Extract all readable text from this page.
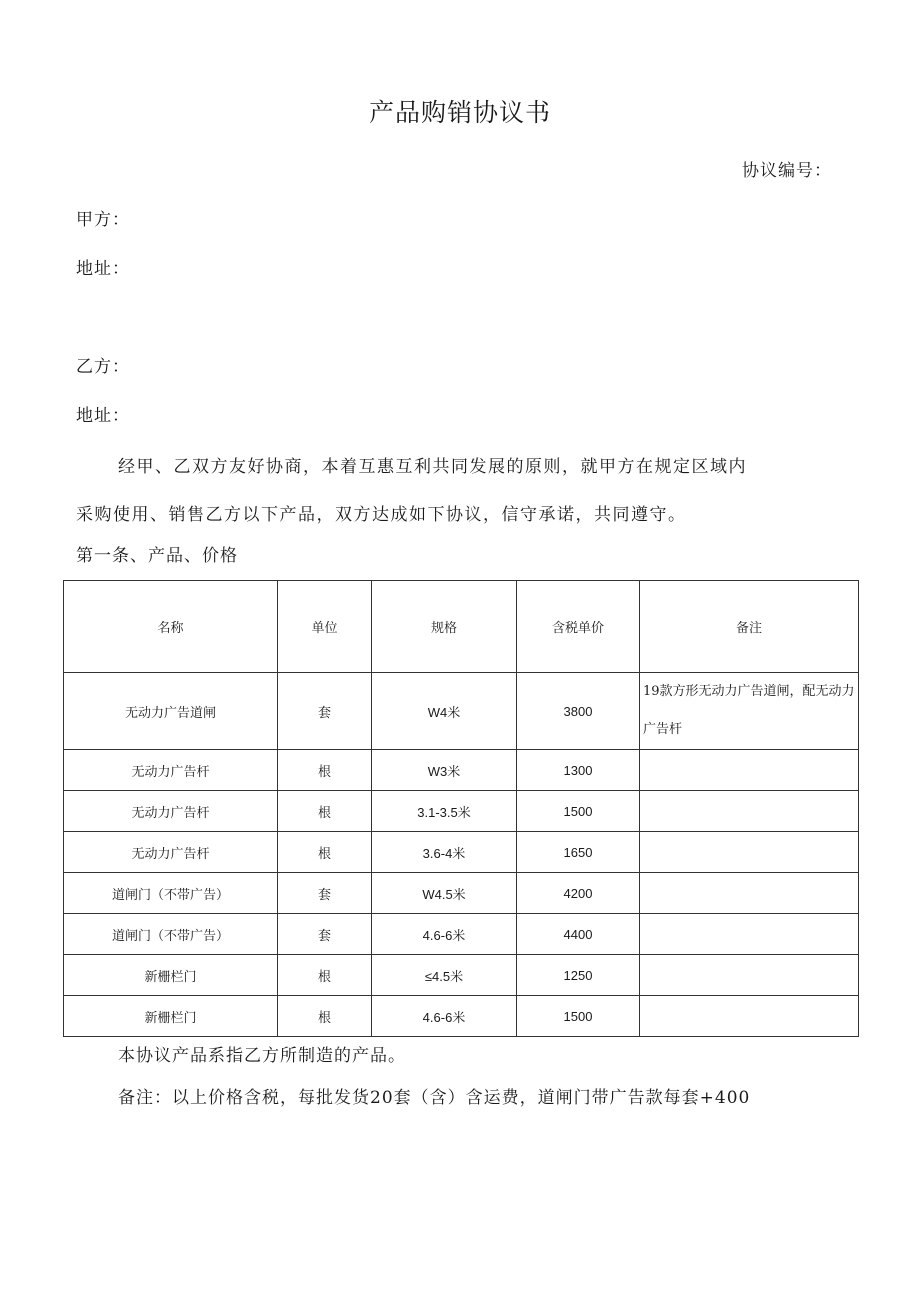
产品购销协议书
协议编号：
甲方：
地址：
乙方：
地址：
经甲、乙双方友好协商，本着互惠互利共同发展的原则，就甲方在规定区域内
采购使用、销售乙方以下产品，双方达成如下协议，信守承诺，共同遵守。
第一条、产品、价格
名称	单位	规格	含税单价	备注
无动力广告道闸	套	W4米	3800	19款方形无动力广告道闸，配无动力广告杆
无动力广告杆	根	W3米	1300	
无动力广告杆	根	3.1-3.5米	1500	
无动力广告杆	根	3.6-4米	1650	
道闸门（不带广告）	套	W4.5米	4200	
道闸门（不带广告）	套	4.6-6米	4400	
新栅栏门	根	≤4.5米	1250	
新栅栏门	根	4.6-6米	1500	
本协议产品系指乙方所制造的产品。
备注：以上价格含税，每批发货20套（含）含运费，道闸门带广告款每套+400
